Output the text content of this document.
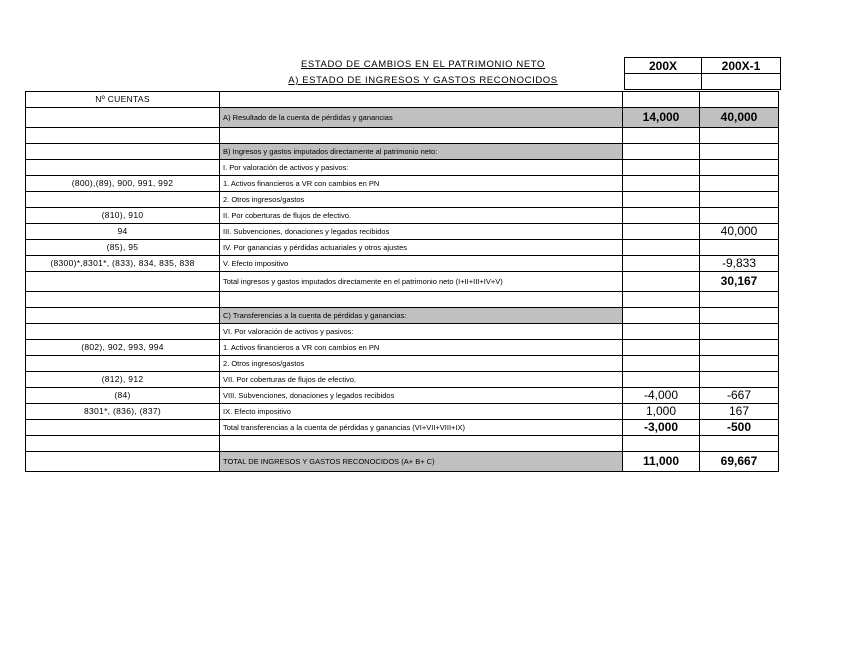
ESTADO DE CAMBIOS EN EL PATRIMONIO NETO
A) ESTADO DE INGRESOS Y GASTOS RECONOCIDOS
200X	200X-1

Nº CUENTAS			
	A) Resultado de la cuenta de pérdidas y ganancias	14,000	40,000

	B) Ingresos y gastos imputados directamente al patrimonio neto:		
	I. Por valoración de activos y pasivos:		
(800),(89), 900, 991, 992	1. Activos financieros a VR con cambios en PN		
	2. Otros ingresos/gastos		
(810), 910	II. Por coberturas de flujos de efectivo.		
94	III. Subvenciones, donaciones y legados recibidos		40,000
(85), 95	IV. Por ganancias y pérdidas actuariales y otros ajustes		
(8300)*,8301*, (833), 834, 835, 838	V. Efecto impositivo		-9,833
	Total ingresos y gastos imputados directamente en el patrimonio neto (I+II+III+IV+V)		30,167

	C) Transferencias a la cuenta de pérdidas y ganancias:		
	VI. Por valoración de activos y pasivos:		
(802), 902, 993, 994	1. Activos financieros a VR con cambios en PN		
	2. Otros ingresos/gastos		
(812), 912	VII. Por coberturas de flujos de efectivo.		
(84)	VIII. Subvenciones, donaciones y legados recibidos	-4,000	-667
8301*, (836), (837)	IX. Efecto impositivo	1,000	167
	Total transferencias a la cuenta de pérdidas y ganancias (VI+VII+VIII+IX)	-3,000	-500

	TOTAL DE INGRESOS Y GASTOS RECONOCIDOS (A+ B+ C)	11,000	69,667
